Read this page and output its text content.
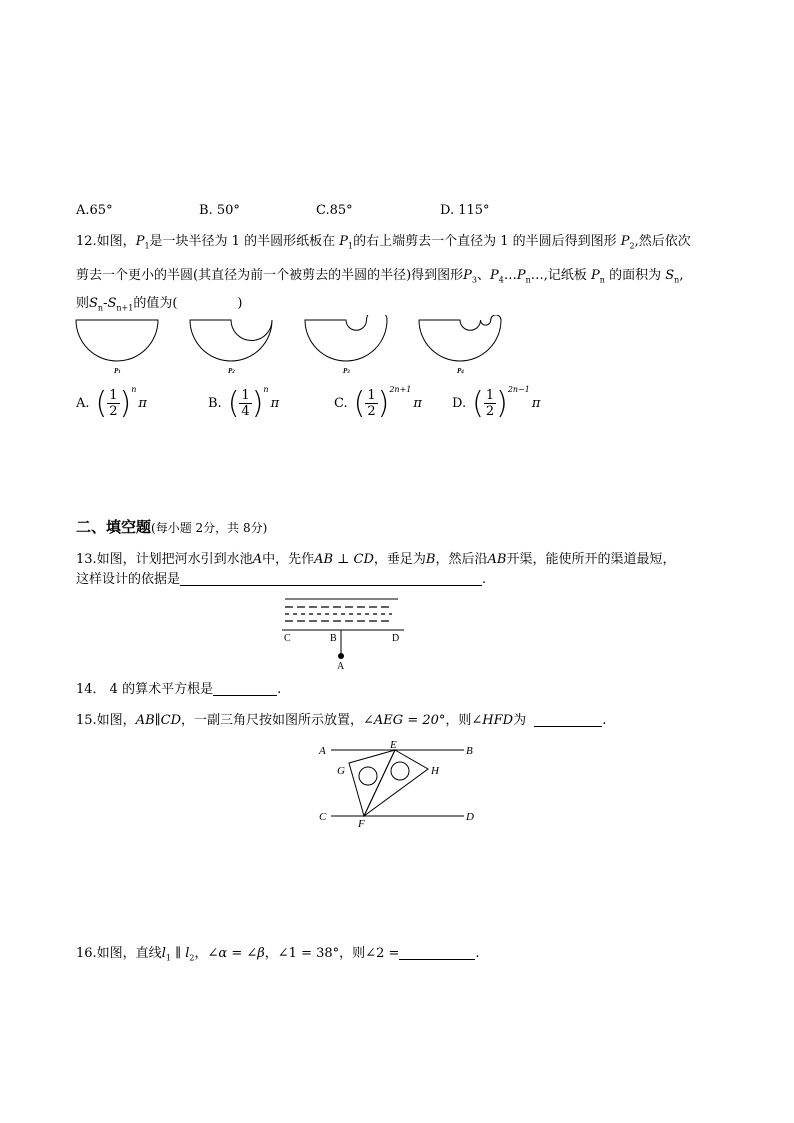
A.65°	B. 50°	C.85°	D. 115°
12.如图，$P_1$是一块半径为 1 的半圆形纸板在 $P_1$的右上端剪去一个直径为 1 的半圆后得到图形 $P_2$,然后依次
剪去一个更小的半圆(其直径为前一个被剪去的半圆的半径)得到图形$P_3$、$P_4\dots P_n\dots$,记纸板 $P_n$ 的面积为 $S_n$,
则$S_n-S_{n+1}$的值为(	)
P1	P2	P3	P4
A. ( $\frac{1}{2}$ ) n
π	B. ( $\frac{1}{4}$ ) n
π	C. ( $\frac{1}{2}$ ) 2n+1
π D. ( $\frac{1}{2}$ ) 2n−1
π
二、填空题(每小题 2分，共 8分)
13.如图，计划把河水引到水池A中，先作AB ⊥ CD，垂足为B，然后沿AB开渠，能使所开的渠道最短，
这样设计的依据是	.
C	B	D
A
14． 4 的算术平方根是	.
15.如图，AB∥CD，一副三角尺按如图所示放置，∠AEG = 20°，则∠HFD为	.
A	E	B
G	H
C
F
D
16.如图，直线$l_1$ ∥ $l_2$，∠α = ∠β，∠1 = 38°，则∠2 =	.
